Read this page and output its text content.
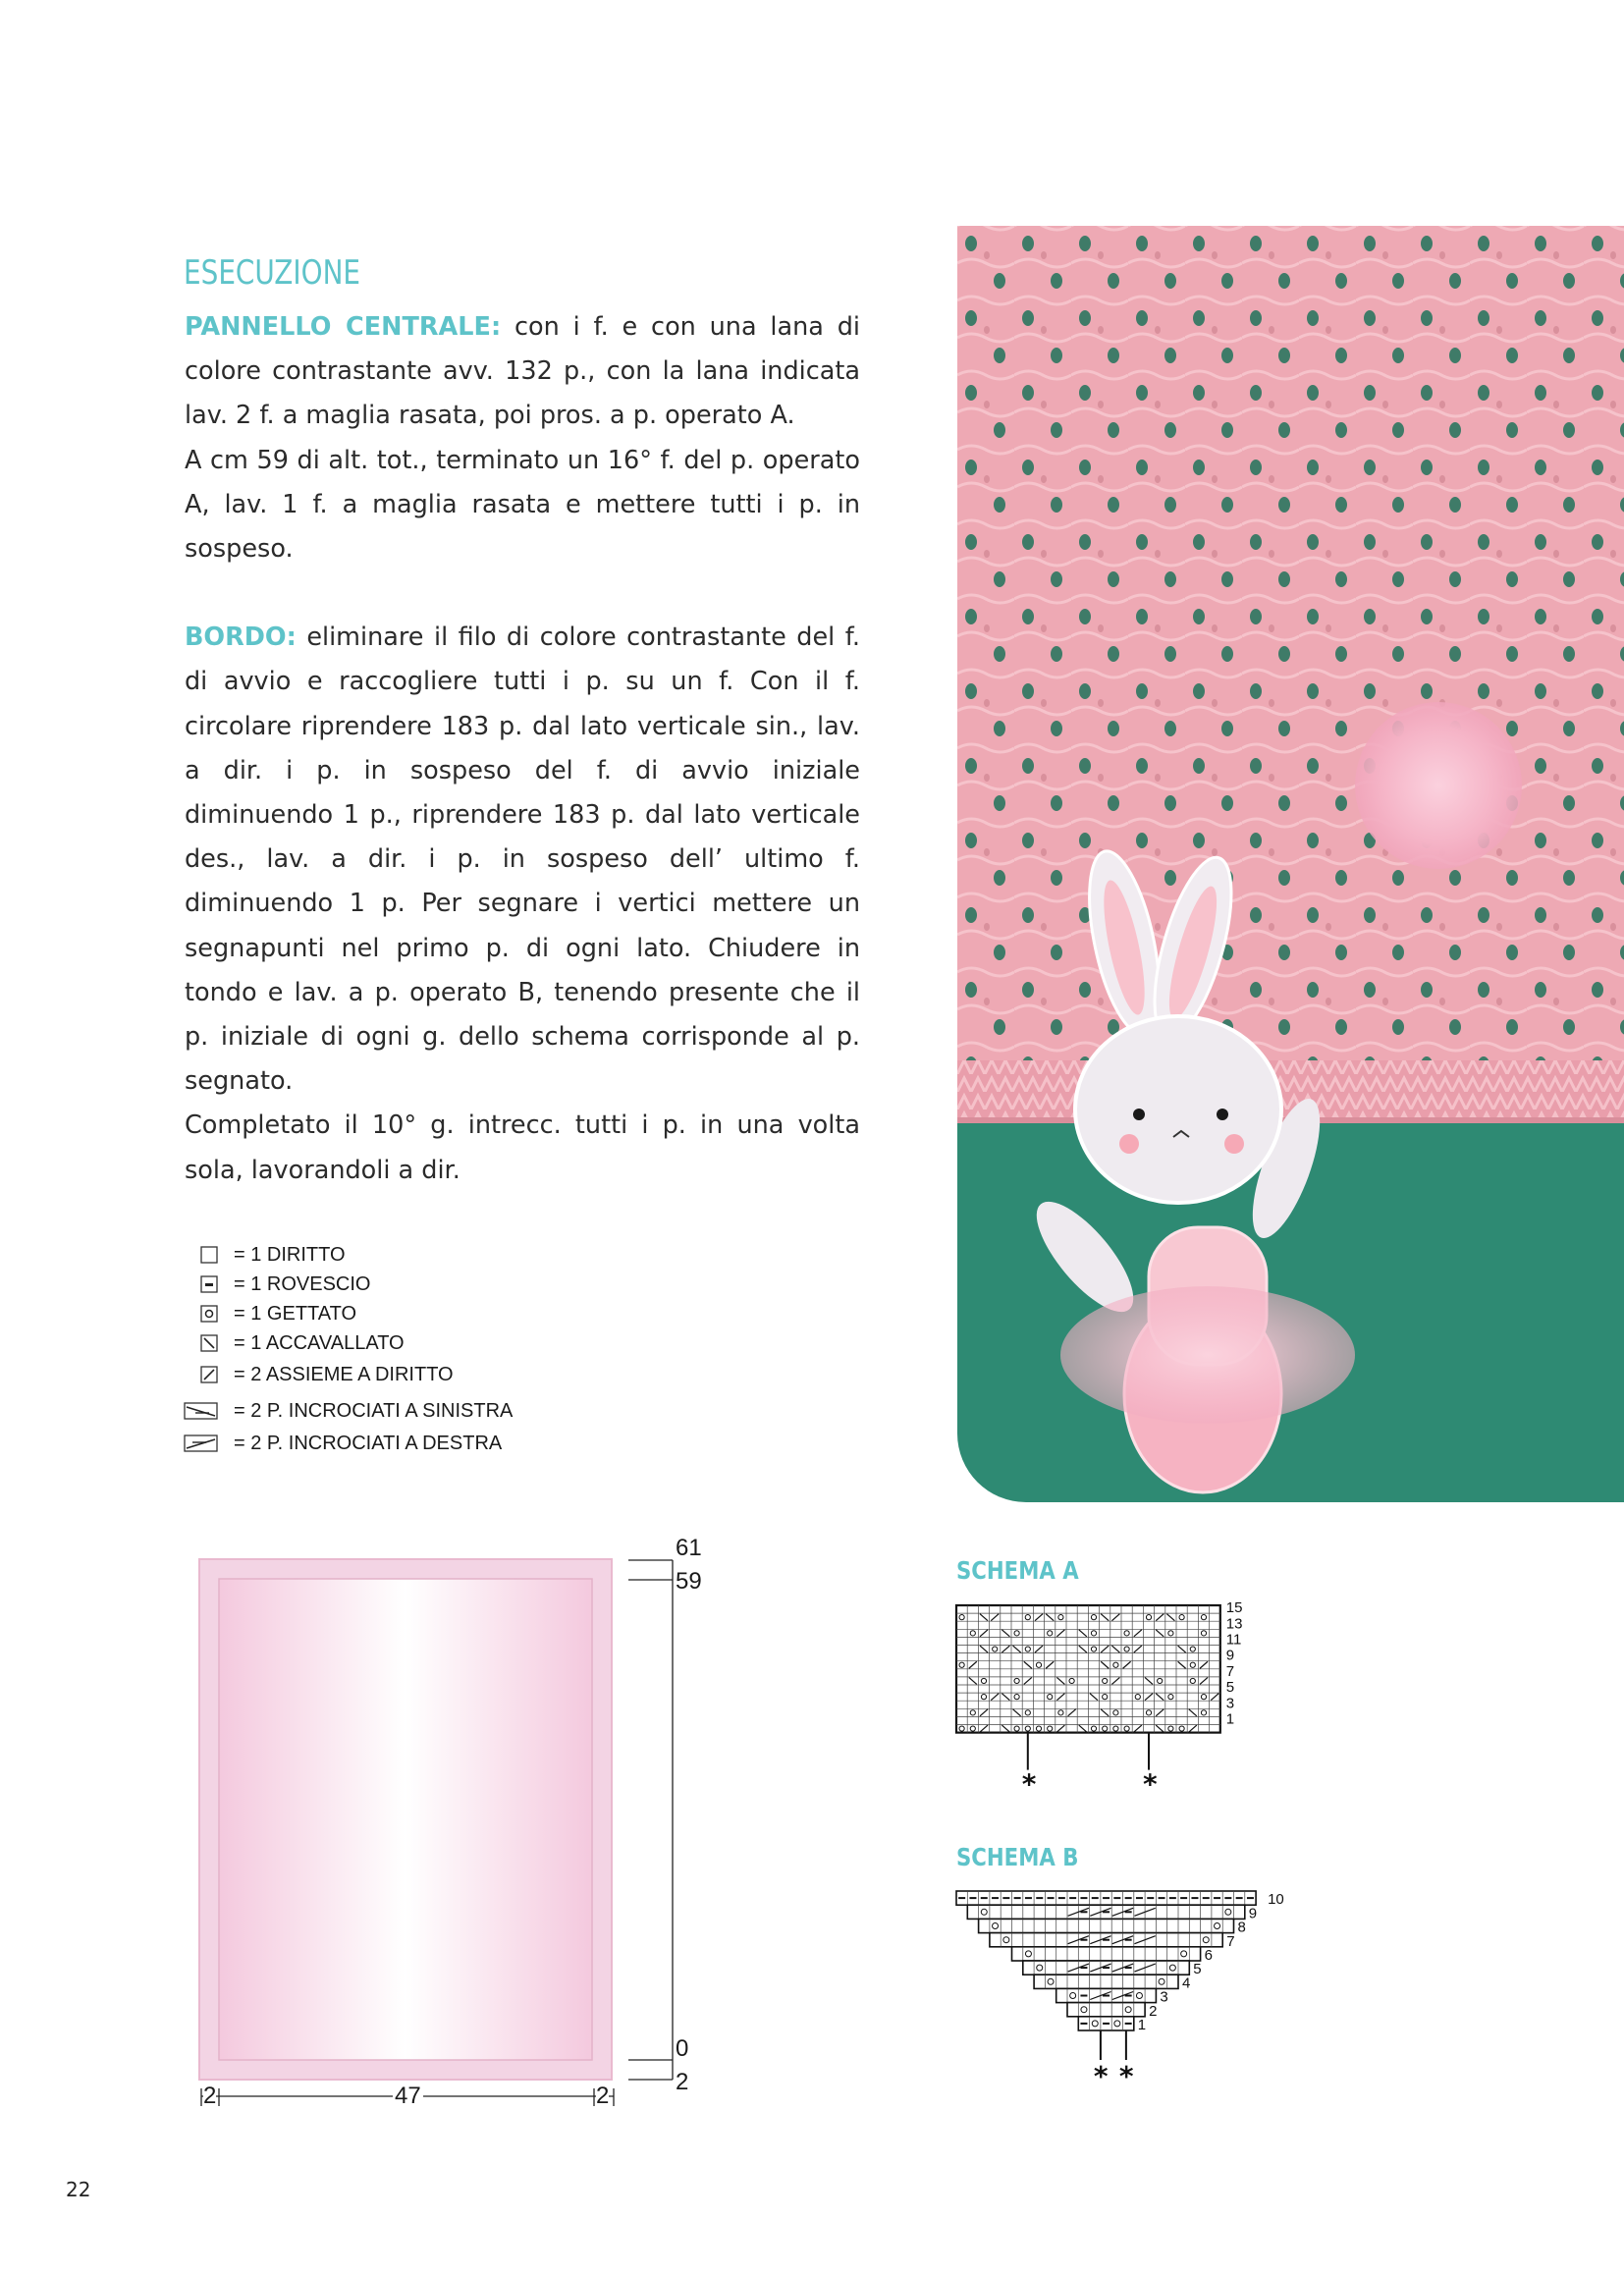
ESECUZIONE

PANNELLO CENTRALE: con i f. e con una lana di colore contrastante avv. 132 p., con la lana indicata lav. 2 f. a maglia rasata, poi pros. a p. operato A.

A cm 59 di alt. tot., terminato un 16° f. del p. operato A, lav. 1 f. a maglia rasata e mettere tutti i p. in sospeso.

BORDO: eliminare il filo di colore contrastante del f. di avvio e raccogliere tutti i p. su un f. Con il f. circolare riprendere 183 p. dal lato verticale sin., lav. a dir. i p. in sospeso del f. di avvio iniziale diminuendo 1 p., riprendere 183 p. dal lato verticale des., lav. a dir. i p. in sospeso dell’ ultimo f. diminuendo 1 p. Per segnare i vertici mettere un segnapunti nel primo p. di ogni lato. Chiudere in tondo e lav. a p. operato B, tenendo presente che il p. iniziale di ogni g. dello schema corrisponde al p. segnato.

Completato il 10° g. intrecc. tutti i p. in una volta sola, lavorandoli a dir.

= 1 DIRITTO
= 1 ROVESCIO
= 1 GETTATO
= 1 ACCAVALLATO
= 2 ASSIEME A DIRITTO
= 2 P. INCROCIATI A SINISTRA
= 2 P. INCROCIATI A DESTRA
61
59
0
2
2	47	2
SCHEMA A
15
13
11
9
7
5
3
1
*	*
SCHEMA B
10
9
8
7
6
5
4
3
2
1
* *
22
